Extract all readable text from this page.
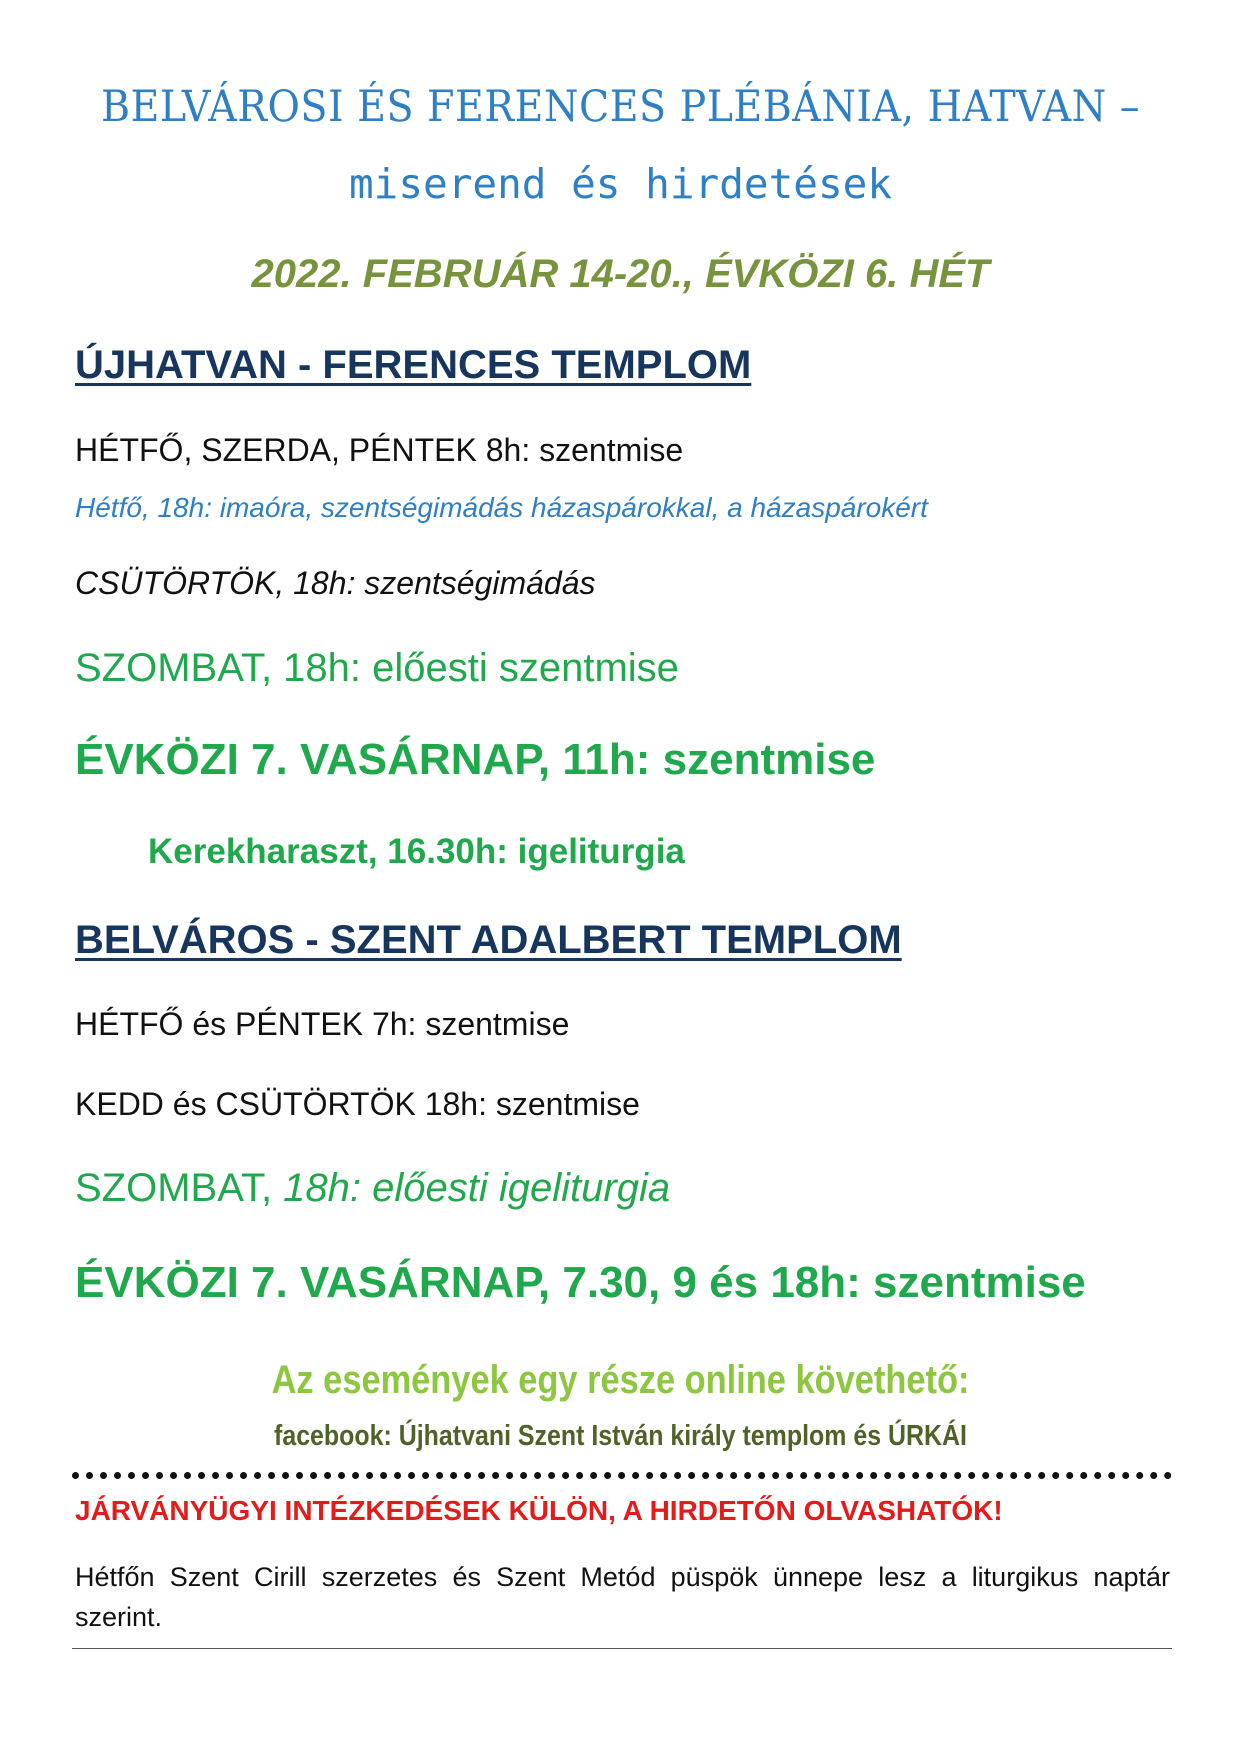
BELVÁROSI ÉS FERENCES PLÉBÁNIA, HATVAN –
miserend és hirdetések
2022. FEBRUÁR 14-20., ÉVKÖZI 6. HÉT
ÚJHATVAN - FERENCES TEMPLOM
HÉTFŐ, SZERDA, PÉNTEK 8h: szentmise
Hétfő, 18h: imaóra, szentségimádás házaspárokkal, a házaspárokért
CSÜTÖRTÖK, 18h: szentségimádás
SZOMBAT, 18h: előesti szentmise
ÉVKÖZI 7. VASÁRNAP, 11h: szentmise
Kerekharaszt, 16.30h: igeliturgia
BELVÁROS - SZENT ADALBERT TEMPLOM
HÉTFŐ és PÉNTEK 7h: szentmise
KEDD és CSÜTÖRTÖK 18h: szentmise
SZOMBAT, 18h: előesti igeliturgia
ÉVKÖZI 7. VASÁRNAP, 7.30, 9 és 18h: szentmise
Az események egy része online követhető:
facebook: Újhatvani Szent István király templom és ÚRKÁI
JÁRVÁNYÜGYI INTÉZKEDÉSEK KÜLÖN, A HIRDETŐN OLVASHATÓK!
Hétfőn Szent Cirill szerzetes és Szent Metód püspök ünnepe lesz a liturgikus naptár szerint.
